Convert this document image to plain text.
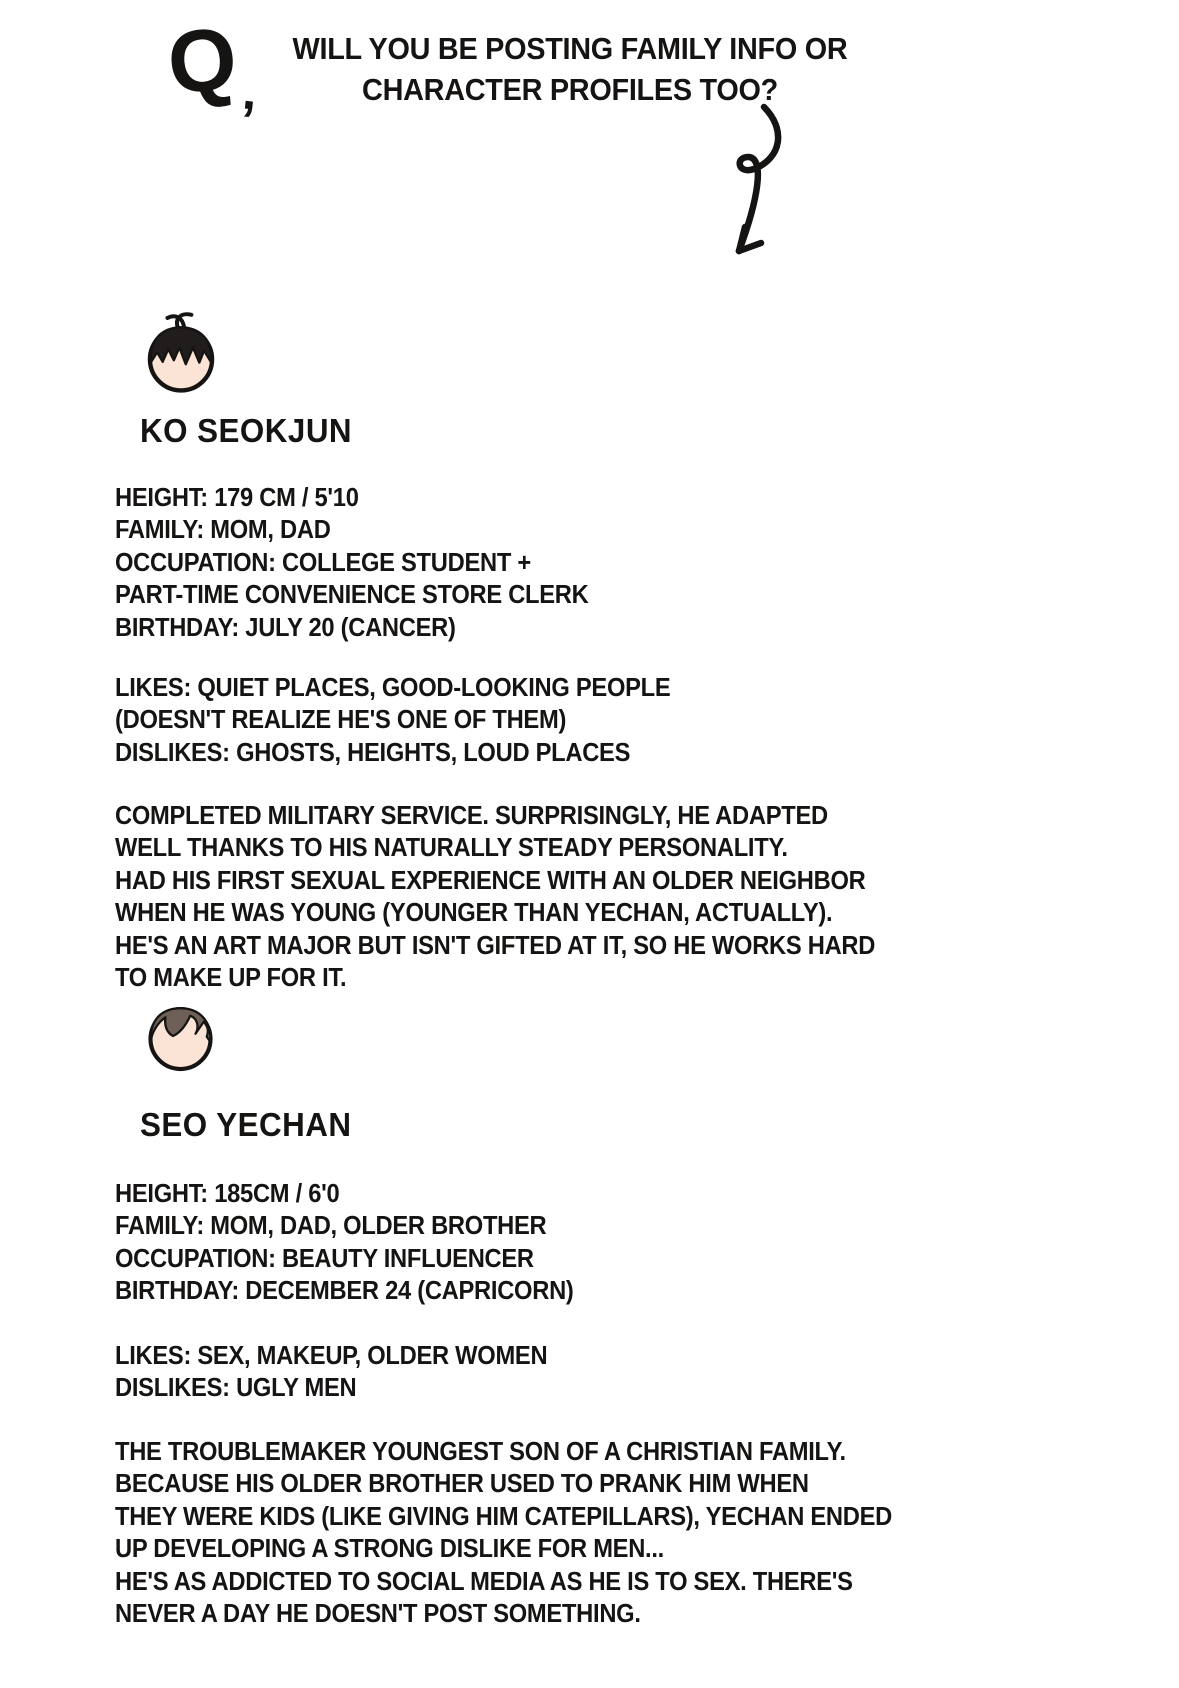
Q ,
WILL YOU BE POSTING FAMILY INFO OR
CHARACTER PROFILES TOO?
KO SEOKJUN
HEIGHT: 179 CM / 5'10
FAMILY: MOM, DAD
OCCUPATION: COLLEGE STUDENT +
PART-TIME CONVENIENCE STORE CLERK
BIRTHDAY: JULY 20 (CANCER)
LIKES: QUIET PLACES, GOOD-LOOKING PEOPLE
(DOESN'T REALIZE HE'S ONE OF THEM)
DISLIKES: GHOSTS, HEIGHTS, LOUD PLACES
COMPLETED MILITARY SERVICE. SURPRISINGLY, HE ADAPTED
WELL THANKS TO HIS NATURALLY STEADY PERSONALITY.
HAD HIS FIRST SEXUAL EXPERIENCE WITH AN OLDER NEIGHBOR
WHEN HE WAS YOUNG (YOUNGER THAN YECHAN, ACTUALLY).
HE'S AN ART MAJOR BUT ISN'T GIFTED AT IT, SO HE WORKS HARD
TO MAKE UP FOR IT.
SEO YECHAN
HEIGHT: 185CM / 6'0
FAMILY: MOM, DAD, OLDER BROTHER
OCCUPATION: BEAUTY INFLUENCER
BIRTHDAY: DECEMBER 24 (CAPRICORN)
LIKES: SEX, MAKEUP, OLDER WOMEN
DISLIKES: UGLY MEN
THE TROUBLEMAKER YOUNGEST SON OF A CHRISTIAN FAMILY.
BECAUSE HIS OLDER BROTHER USED TO PRANK HIM WHEN
THEY WERE KIDS (LIKE GIVING HIM CATEPILLARS), YECHAN ENDED
UP DEVELOPING A STRONG DISLIKE FOR MEN...
HE'S AS ADDICTED TO SOCIAL MEDIA AS HE IS TO SEX. THERE'S
NEVER A DAY HE DOESN'T POST SOMETHING.
